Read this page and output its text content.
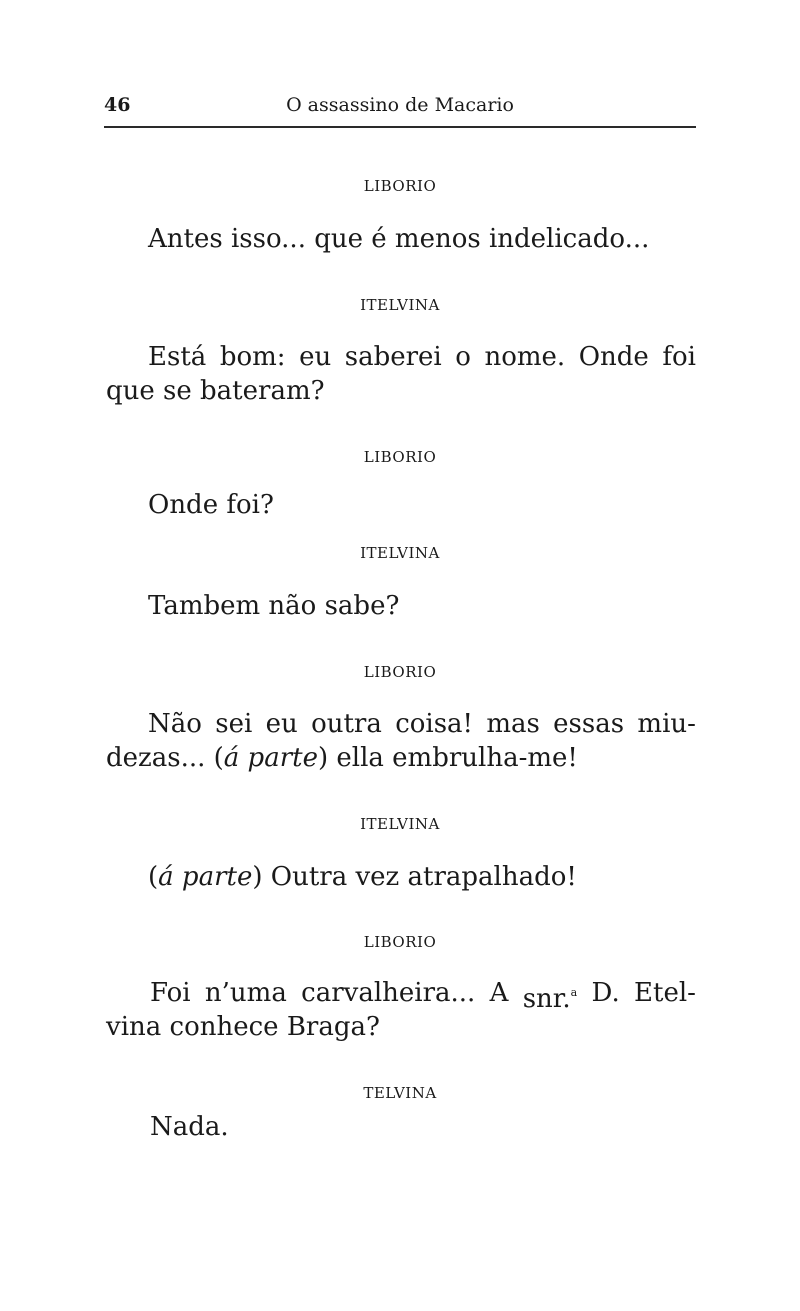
46	O assassino de Macario
LIBORIO
Antes isso... que é menos indelicado...
ITELVINA
Está bom: eu saberei o nome. Onde foi
que se bateram?
LIBORIO
Onde foi?
ITELVINA
Tambem não sabe?
LIBORIO
Não sei eu outra coisa! mas essas miu-
dezas... (á parte) ella embrulha-me!
ITELVINA
(á parte) Outra vez atrapalhado!
LIBORIO
Foi n’uma carvalheira... A snr.$^a$ D. Etel-
vina conhece Braga?
TELVINA
Nada.
